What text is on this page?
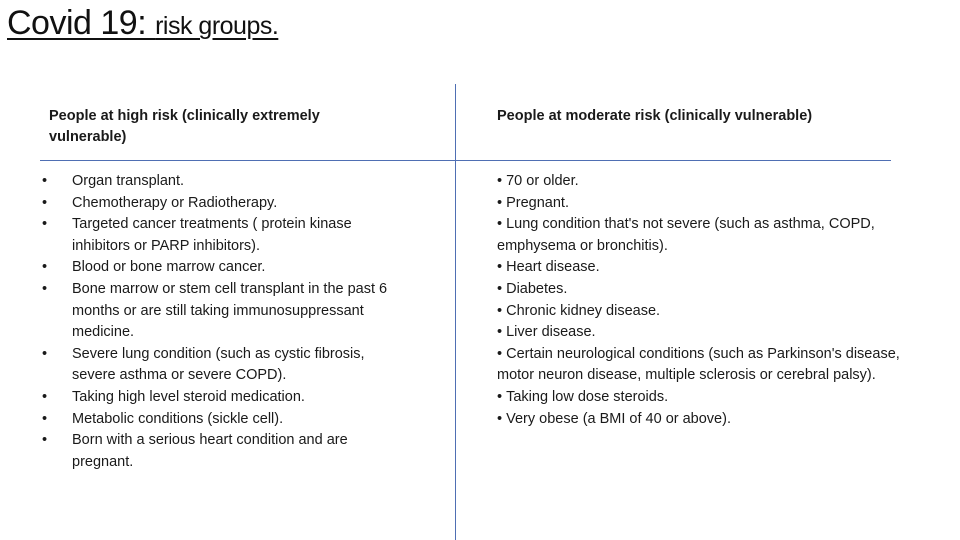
Covid 19: risk groups.
People at high risk (clinically extremely vulnerable)
People at moderate risk (clinically vulnerable)
• Organ transplant.
• Chemotherapy or Radiotherapy.
• Targeted cancer treatments ( protein kinase inhibitors or PARP inhibitors).
• Blood or bone marrow cancer.
• Bone marrow or stem cell transplant in the past 6 months or are still taking immunosuppressant medicine.
• Severe lung condition (such as cystic fibrosis, severe asthma or severe COPD).
• Taking high level steroid medication.
• Metabolic conditions (sickle cell).
• Born with a serious heart condition and are pregnant.
• 70 or older.
• Pregnant.
• Lung condition that's not severe (such as asthma, COPD, emphysema or bronchitis).
• Heart disease.
• Diabetes.
• Chronic kidney disease.
• Liver disease.
• Certain neurological conditions (such as Parkinson's disease, motor neuron disease, multiple sclerosis or cerebral palsy).
• Taking low dose steroids.
• Very obese (a BMI of 40 or above).
